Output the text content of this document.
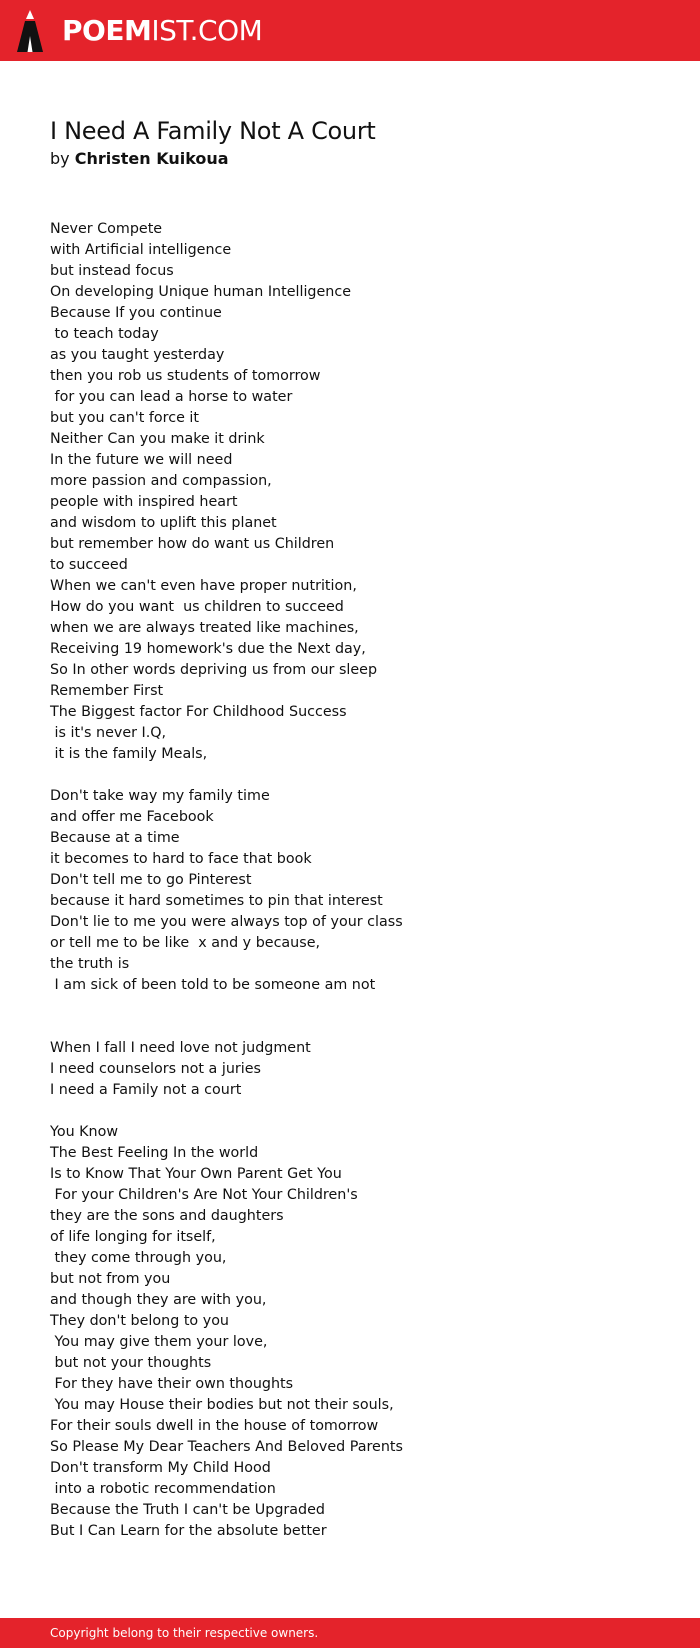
POEMIST.COM
I Need A Family Not A Court
by Christen Kuikoua
Never Compete
with Artificial intelligence
but instead focus
On developing Unique human Intelligence
Because If you continue
to teach today
as you taught yesterday
then you rob us students of tomorrow
for you can lead a horse to water
but you can't force it
Neither Can you make it drink
In the future we will need
more passion and compassion,
people with inspired heart
and wisdom to uplift this planet
but remember how do want us Children
to succeed
When we can't even have proper nutrition,
How do you want  us children to succeed
when we are always treated like machines,
Receiving 19 homework's due the Next day,
So In other words depriving us from our sleep
Remember First
The Biggest factor For Childhood Success
is it's never I.Q,
it is the family Meals,

Don't take way my family time
and offer me Facebook
Because at a time
it becomes to hard to face that book
Don't tell me to go Pinterest
because it hard sometimes to pin that interest
Don't lie to me you were always top of your class
or tell me to be like  x and y because,
the truth is
I am sick of been told to be someone am not

When I fall I need love not judgment
I need counselors not a juries
I need a Family not a court

You Know
The Best Feeling In the world
Is to Know That Your Own Parent Get You
For your Children's Are Not Your Children's
they are the sons and daughters
of life longing for itself,
they come through you,
but not from you
and though they are with you,
They don't belong to you
You may give them your love,
but not your thoughts
For they have their own thoughts
You may House their bodies but not their souls,
For their souls dwell in the house of tomorrow
So Please My Dear Teachers And Beloved Parents
Don't transform My Child Hood
into a robotic recommendation
Because the Truth I can't be Upgraded
But I Can Learn for the absolute better
Copyright belong to their respective owners.
